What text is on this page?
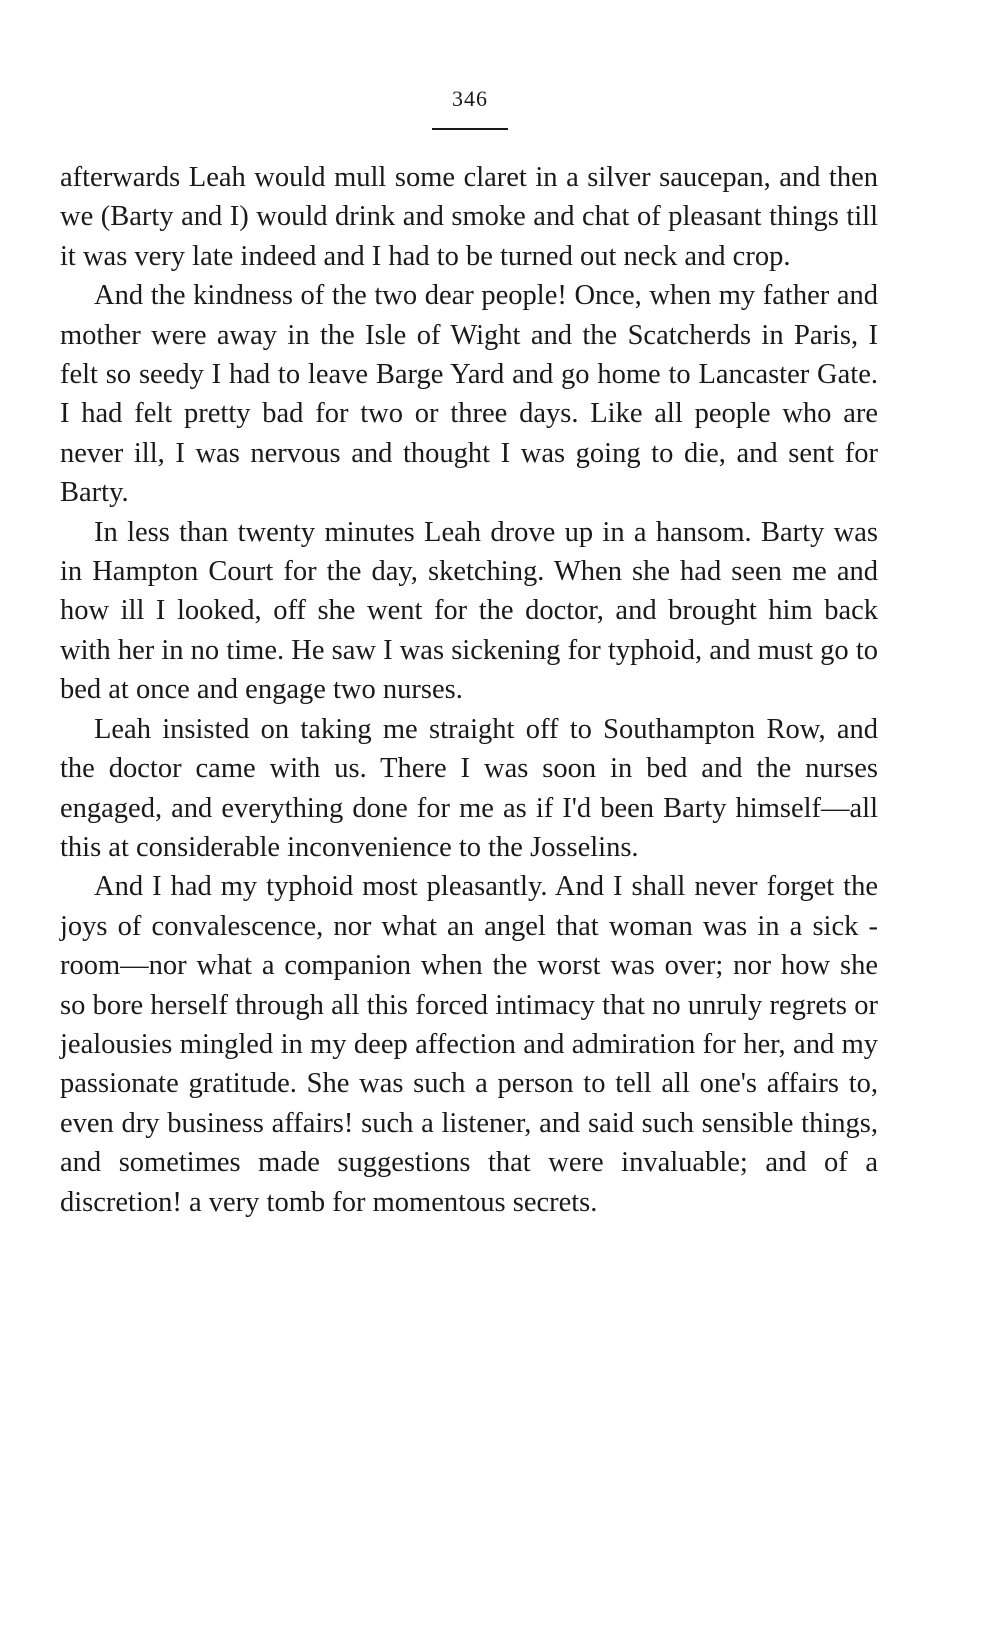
346

afterwards Leah would mull some claret in a silver saucepan, and then we (Barty and I) would drink and smoke and chat of pleasant things till it was very late indeed and I had to be turned out neck and crop.

And the kindness of the two dear people! Once, when my father and mother were away in the Isle of Wight and the Scatcherds in Paris, I felt so seedy I had to leave Barge Yard and go home to Lancaster Gate. I had felt pretty bad for two or three days. Like all people who are never ill, I was nervous and thought I was going to die, and sent for Barty.

In less than twenty minutes Leah drove up in a hansom. Barty was in Hampton Court for the day, sketching. When she had seen me and how ill I looked, off she went for the doctor, and brought him back with her in no time. He saw I was sickening for typhoid, and must go to bed at once and engage two nurses.

Leah insisted on taking me straight off to Southampton Row, and the doctor came with us. There I was soon in bed and the nurses engaged, and everything done for me as if I'd been Barty himself—all this at considerable inconvenience to the Josselins.

And I had my typhoid most pleasantly. And I shall never forget the joys of convalescence, nor what an angel that woman was in a sick - room—nor what a companion when the worst was over; nor how she so bore herself through all this forced intimacy that no unruly regrets or jealousies mingled in my deep affection and admiration for her, and my passionate gratitude. She was such a person to tell all one's affairs to, even dry business affairs! such a listener, and said such sensible things, and sometimes made suggestions that were invaluable; and of a discretion! a very tomb for momentous secrets.
